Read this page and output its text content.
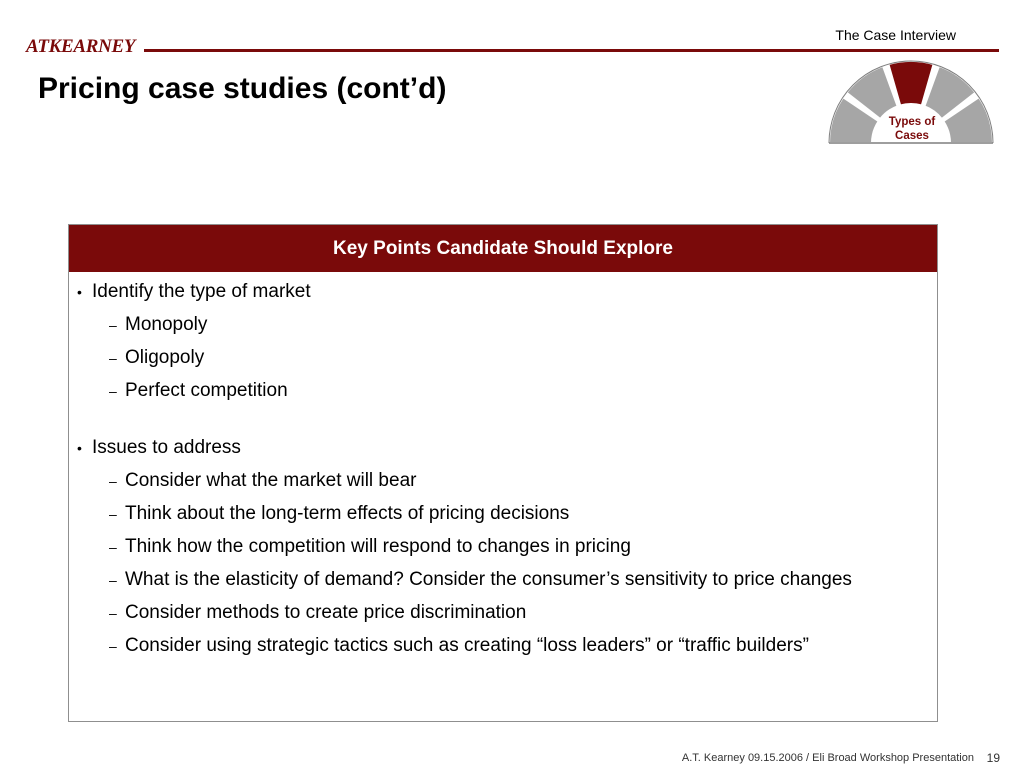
ATKEARNEY
The Case Interview
Pricing case studies (cont’d)
Types of
Cases
Key Points Candidate Should Explore
• Identify the type of market
– Monopoly
– Oligopoly
– Perfect competition
• Issues to address
– Consider what the market will bear
– Think about the long-term effects of pricing decisions
– Think how the competition will respond to changes in pricing
– What is the elasticity of demand? Consider the consumer’s sensitivity to price changes
– Consider methods to create price discrimination
– Consider using strategic tactics such as creating “loss leaders” or “traffic builders”
A.T. Kearney 09.15.2006 / Eli Broad Workshop Presentation	19
